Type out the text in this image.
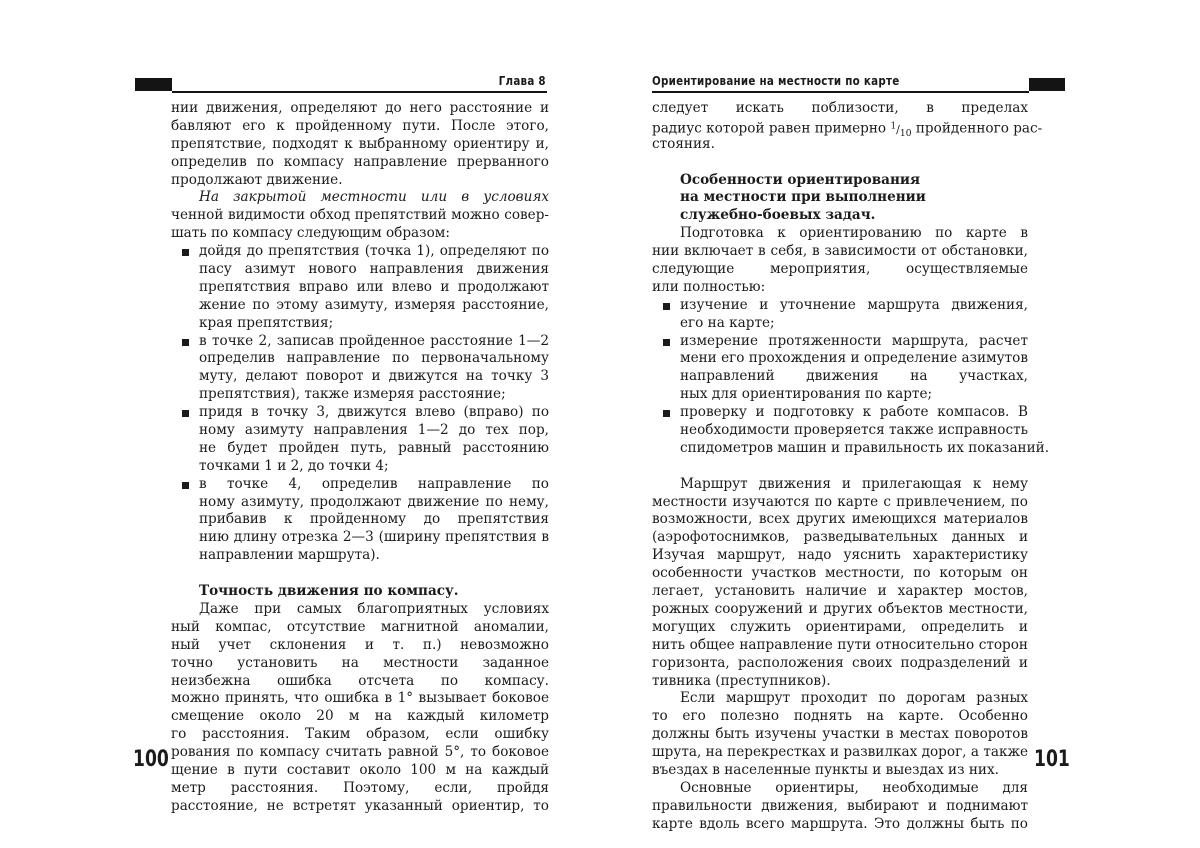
Глава 8
100
нии движения, определяют до него расстояние и
бавляют его к пройденному пути. После этого,
препятствие, подходят к выбранному ориентиру и,
определив по компасу направление прерванного
продолжают движение.
На закрытой местности или в условиях
ченной видимости обход препятствий можно совер-
шать по компасу следующим образом:
дойдя до препятствия (точка 1), определяют по
пасу азимут нового направления движения
препятствия вправо или влево и продолжают
жение по этому азимуту, измеряя расстояние,
края препятствия;
в точке 2, записав пройденное расстояние 1—2
определив направление по первоначальному
муту, делают поворот и движутся на точку 3
препятствия), также измеряя расстояние;
придя в точку 3, движутся влево (вправо) по
ному азимуту направления 1—2 до тех пор,
не будет пройден путь, равный расстоянию
точками 1 и 2, до точки 4;
в точке 4, определив направление по
ному азимуту, продолжают движение по нему,
прибавив к пройденному до препятствия
нию длину отрезка 2—3 (ширину препятствия в
направлении маршрута).
Точность движения по компасу.
Даже при самых благоприятных условиях
ный компас, отсутствие магнитной аномалии,
ный учет склонения и т. п.) невозможно
точно установить на местности заданное
неизбежна ошибка отсчета по компасу.
можно принять, что ошибка в 1° вызывает боковое
смещение около 20 м на каждый километр
го расстояния. Таким образом, если ошибку
рования по компасу считать равной 5°, то боковое
щение в пути составит около 100 м на каждый
метр расстояния. Поэтому, если, пройдя
расстояние, не встретят указанный ориентир, то
Ориентирование на местности по карте
101
следует искать поблизости, в пределах
радиус которой равен примерно $^1/_{10}$ пройденного рас-
стояния.
Особенности ориентирования
на местности при выполнении
служебно-боевых задач.
Подготовка к ориентированию по карте в
нии включает в себя, в зависимости от обстановки,
следующие мероприятия, осуществляемые
или полностью:
изучение и уточнение маршрута движения,
его на карте;
измерение протяженности маршрута, расчет
мени его прохождения и определение азимутов
направлений движения на участках,
ных для ориентирования по карте;
проверку и подготовку к работе компасов. В
необходимости проверяется также исправность
спидометров машин и правильность их показаний.
Маршрут движения и прилегающая к нему
местности изучаются по карте с привлечением, по
возможности, всех других имеющихся материалов
(аэрофотоснимков, разведывательных данных и
Изучая маршрут, надо уяснить характеристику
особенности участков местности, по которым он
легает, установить наличие и характер мостов,
рожных сооружений и других объектов местности,
могущих служить ориентирами, определить и
нить общее направление пути относительно сторон
горизонта, расположения своих подразделений и
тивника (преступников).
Если маршрут проходит по дорогам разных
то его полезно поднять на карте. Особенно
должны быть изучены участки в местах поворотов
шрута, на перекрестках и развилках дорог, а также
въездах в населенные пункты и выездах из них.
Основные ориентиры, необходимые для
правильности движения, выбирают и поднимают
карте вдоль всего маршрута. Это должны быть по
